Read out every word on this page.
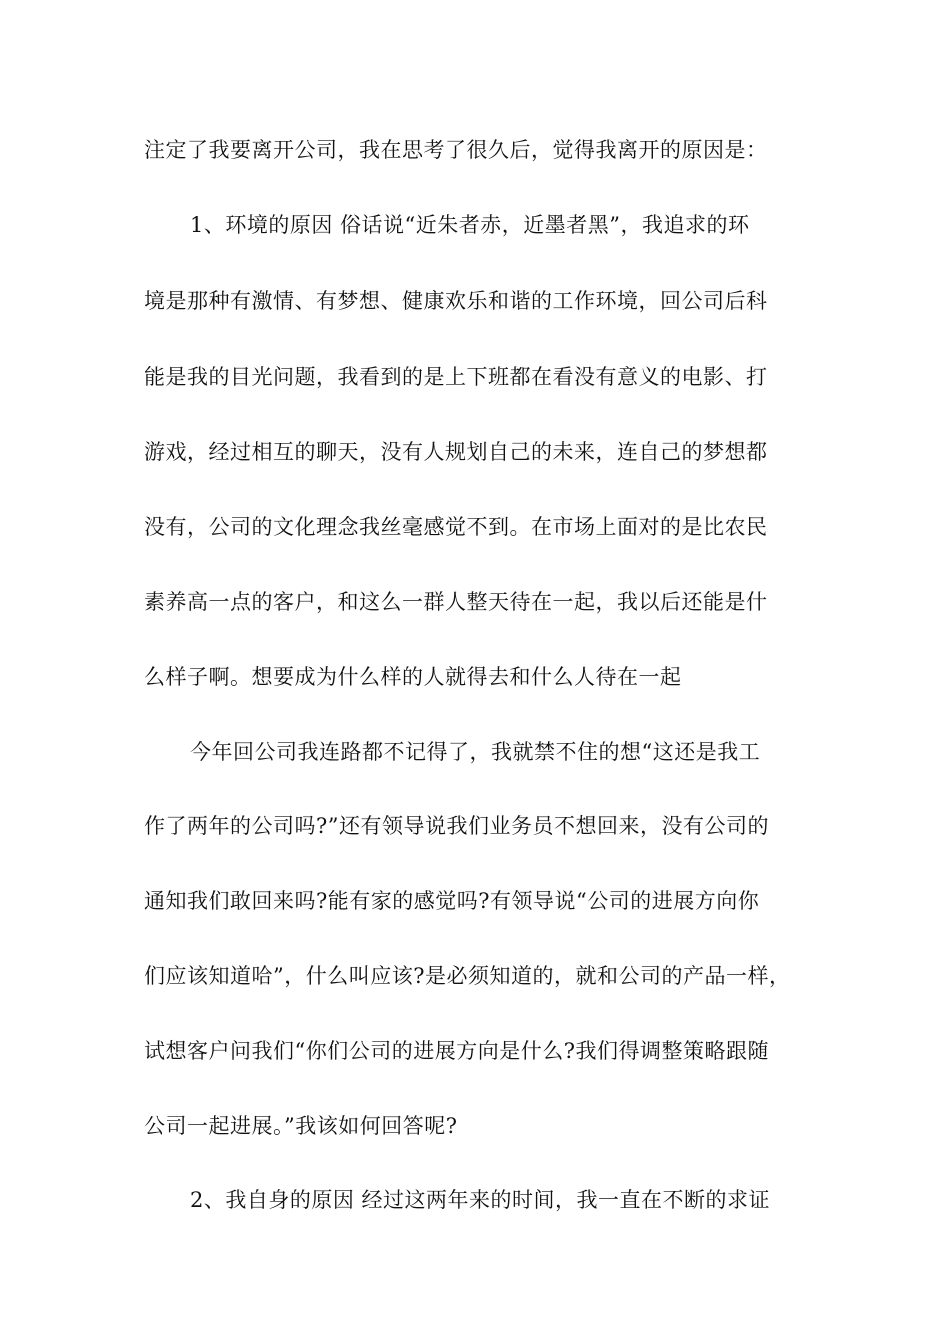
注定了我要离开公司，我在思考了很久后，觉得我离开的原因是：
1、环境的原因 俗话说“近朱者赤，近墨者黑”，我追求的环
境是那种有激情、有梦想、健康欢乐和谐的工作环境，回公司后科
能是我的目光问题，我看到的是上下班都在看没有意义的电影、打
游戏，经过相互的聊天，没有人规划自己的未来，连自己的梦想都
没有，公司的文化理念我丝毫感觉不到。在市场上面对的是比农民
素养高一点的客户，和这么一群人整天待在一起，我以后还能是什
么样子啊。想要成为什么样的人就得去和什么人待在一起
今年回公司我连路都不记得了，我就禁不住的想“这还是我工
作了两年的公司吗?”还有领导说我们业务员不想回来，没有公司的
通知我们敢回来吗?能有家的感觉吗?有领导说“公司的进展方向你
们应该知道哈”，什么叫应该?是必须知道的，就和公司的产品一样，
试想客户问我们“你们公司的进展方向是什么?我们得调整策略跟随
公司一起进展。”我该如何回答呢?
2、我自身的原因 经过这两年来的时间，我一直在不断的求证
